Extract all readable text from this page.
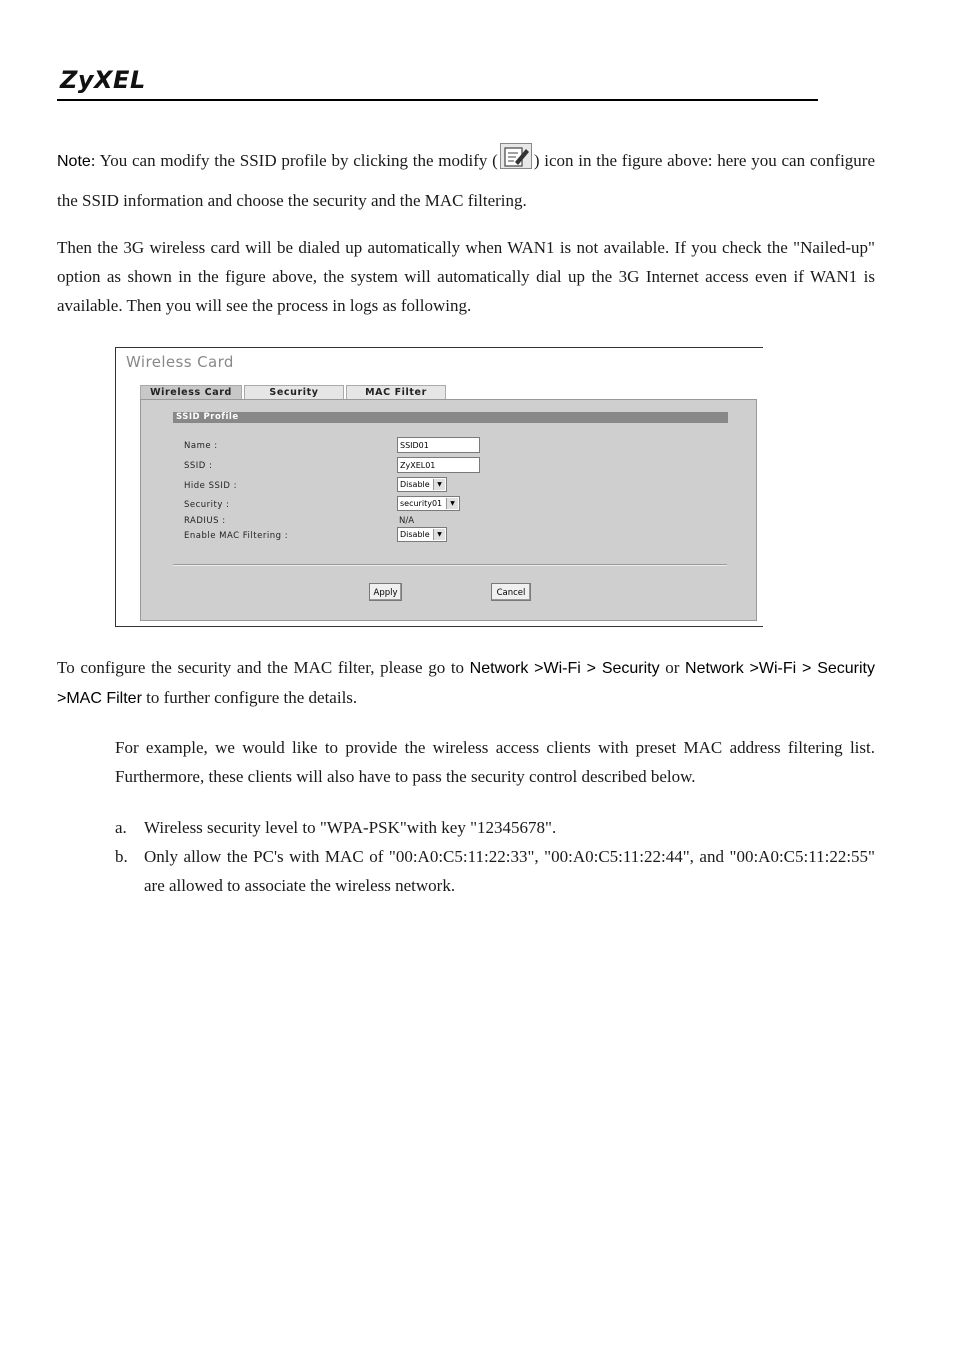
ZyXEL

Note: You can modify the SSID profile by clicking the modify ( ) icon in the figure above: here you can configure the SSID information and choose the security and the MAC filtering.

Then the 3G wireless card will be dialed up automatically when WAN1 is not available. If you check the "Nailed-up" option as shown in the figure above, the system will automatically dial up the 3G Internet access even if WAN1 is available. Then you will see the process in logs as following.

Wireless Card
Wireless Card	Security	MAC Filter
SSID Profile
Name :	SSID01
SSID :	ZyXEL01
Hide SSID :	Disable	▼
Security :	security01	▼
RADIUS :	N/A
Enable MAC Filtering :	Disable	▼
Apply	Cancel

To configure the security and the MAC filter, please go to Network >Wi-Fi > Security or Network >Wi-Fi > Security >MAC Filter to further configure the details.

For example, we would like to provide the wireless access clients with preset MAC address filtering list. Furthermore, these clients will also have to pass the security control described below.

a.	Wireless security level to "WPA-PSK"with key "12345678".
b. Only allow the PC's with MAC of "00:A0:C5:11:22:33", "00:A0:C5:11:22:44", and "00:A0:C5:11:22:55" are allowed to associate the wireless network.
